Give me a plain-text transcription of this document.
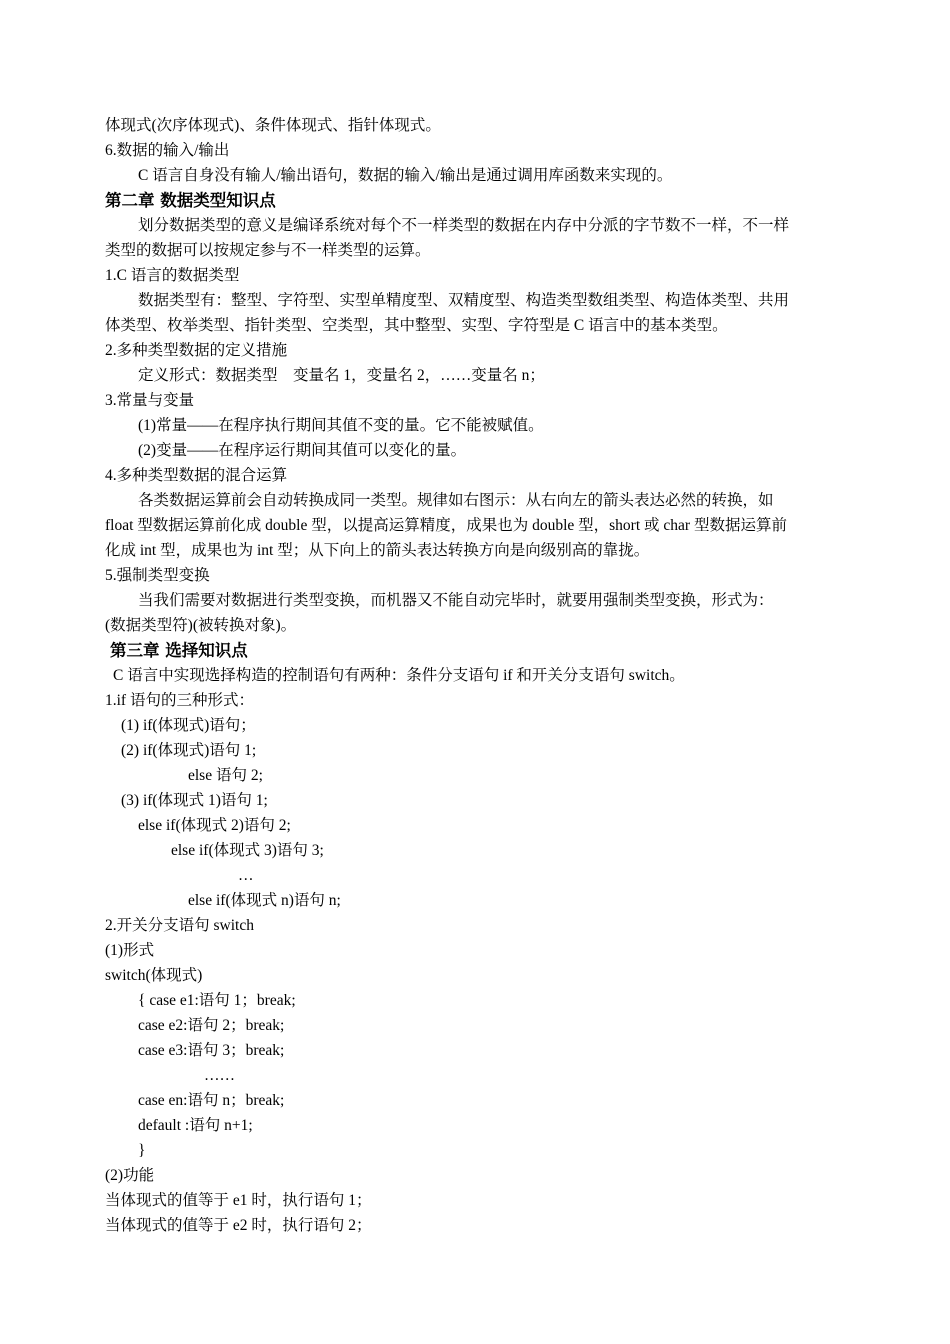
体现式(次序体现式)、条件体现式、指针体现式。
6.数据的输入/输出
C 语言自身没有输人/输出语句，数据的输入/输出是通过调用库函数来实现的。
第二章 数据类型知识点
划分数据类型的意义是编译系统对每个不一样类型的数据在内存中分派的字节数不一样，不一样
类型的数据可以按规定参与不一样类型的运算。
1.C 语言的数据类型
数据类型有：整型、字符型、实型单精度型、双精度型、构造类型数组类型、构造体类型、共用
体类型、枚举类型、指针类型、空类型，其中整型、实型、字符型是 C 语言中的基本类型。
2.多种类型数据的定义措施
定义形式：数据类型    变量名 1，变量名 2，……变量名 n；
3.常量与变量
(1)常量——在程序执行期间其值不变的量。它不能被赋值。
(2)变量——在程序运行期间其值可以变化的量。
4.多种类型数据的混合运算
各类数据运算前会自动转换成同一类型。规律如右图示：从右向左的箭头表达必然的转换，如
float 型数据运算前化成 double 型，以提高运算精度，成果也为 double 型，short 或 char 型数据运算前
化成 int 型，成果也为 int 型；从下向上的箭头表达转换方向是向级别高的靠拢。
5.强制类型变换
当我们需要对数据进行类型变换，而机器又不能自动完毕时，就要用强制类型变换，形式为：
(数据类型符)(被转换对象)。
第三章 选择知识点
C 语言中实现选择构造的控制语句有两种：条件分支语句 if 和开关分支语句 switch。
1.if 语句的三种形式：
(1) if(体现式)语句；
(2) if(体现式)语句 1;
else 语句 2;
(3) if(体现式 1)语句 1;
else if(体现式 2)语句 2;
else if(体现式 3)语句 3;
…
else if(体现式 n)语句 n;
2.开关分支语句 switch
(1)形式
switch(体现式)
{ case e1:语句 1；break;
case e2:语句 2；break;
case e3:语句 3；break;
……
case en:语句 n；break;
default :语句 n+1;
}
(2)功能
当体现式的值等于 e1 时，执行语句 1；
当体现式的值等于 e2 时，执行语句 2；
